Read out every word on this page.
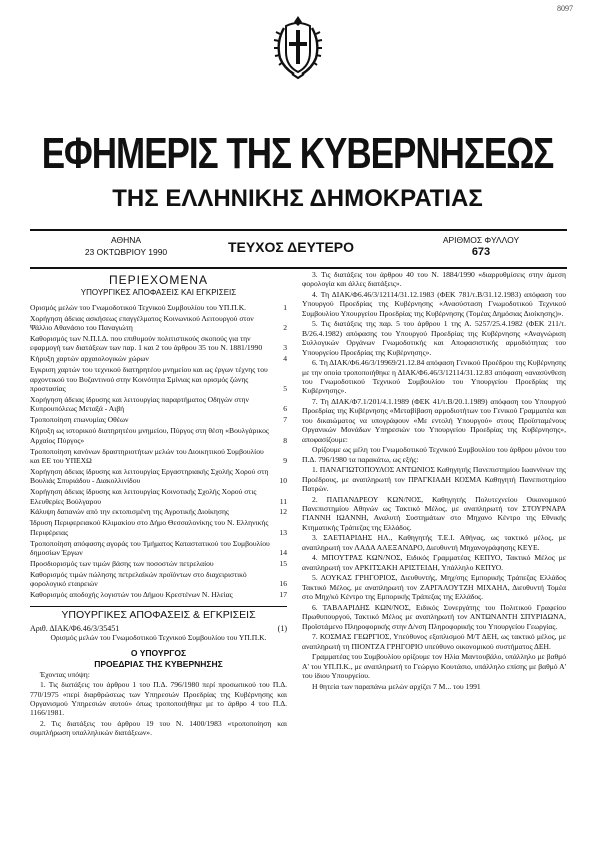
8097
ΕΦΗΜΕΡΙΣ ΤΗΣ ΚΥΒΕΡΝΗΣΕΩΣ
ΤΗΣ ΕΛΛΗΝΙΚΗΣ ΔΗΜΟΚΡΑΤΙΑΣ
ΑΘΗΝΑ
23 ΟΚΤΩΒΡΙΟΥ 1990	ΤΕΥΧΟΣ ΔΕΥΤΕΡΟ	ΑΡΙΘΜΟΣ ΦΥΛΛΟΥ
673
ΠΕΡΙΕΧΟΜΕΝΑ
ΥΠΟΥΡΓΙΚΕΣ ΑΠΟΦΑΣΕΙΣ ΚΑΙ ΕΓΚΡΙΣΕΙΣ
Ορισμός μελών του Γνωμοδοτικού Τεχνικού Συμβουλίου του ΥΠ.Π.Κ.	1
Χορήγηση άδειας ασκήσεως επαγγέλματος Κοινωνικού Λειτουργού στον Ψάλλιο Αθανάσιο του Παναγιώτη	2
Καθορισμός των Ν.Π.Ι.Δ. που επιθυμούν πολιτιστικούς σκοπούς για την εφαρμογή των διατάξεων των παρ. 1 και 2 του άρθρου 35 του Ν. 1881/1990	3
Κήρυξη χαρτών αρχαιολογικών χώρων	4
Εγκριση χαρτών του τεχνικού διατηρητέου μνημείου και ως έργων τέχνης του αρχοντικού του Βυζαντινού στην Κοινότητα Σμίνιας και ορισμός ζώνης προστασίας	5
Χορήγηση άδειας ίδρυσης και λειτουργίας παραρτήματος Οδηγών στην Κυπρουπόλεως Μεταξά - Αιβή	6
Τροποποίηση επωνυμίας Οθέων	7
Κήρυξη ως ιστορικού διατηρητέου μνημείου, Πύργος στη θέση «Βουλγάρικος Αρχαίος Πύργος»	8
Τροποποίηση κανόνων δραστηριοτήτων μελών του Διοικητικού Συμβουλίου και ΕΕ του ΥΠΕΧΩ	9
Χορήγηση άδειας ίδρυσης και λειτουργίας Εργαστηριακής Σχολής Χορού στη Βουλιάς Σπυριάδου - Διακολλινίδου	10
Χορήγηση άδειας ίδρυσης και λειτουργίας Κοινοτικής Σχολής Χορού στις Ελευθερίες Βούλγαρου	11
Κάλυψη δαπανών από την εκτοπισμένη της Αγροτικής Διοίκησης	12
Ίδρυση Περιφερειακού Κλιμακίου στο Δήμο Θεσσαλονίκης του Ν. Ελληνικής Περιφέρειας	13
Τροποποίηση απόφασης αγοράς του Τμήματος Καταστατικού του Συμβουλίου δημοσίων Έργων	14
Προσδιορισμός των τιμών βάσης των ποσοστών πετρελαίου	15
Καθορισμός τιμών πώλησης πετρελαϊκών προϊόντων στο διαχειριστικό φορολογικό εταιρειών	16
Καθορισμός αποδοχής λογιστών του Δήμου Κρεστένων Ν. Ηλείας	17
ΥΠΟΥΡΓΙΚΕΣ ΑΠΟΦΑΣΕΙΣ & ΕΓΚΡΙΣΕΙΣ
Αριθ. ΔΙΑΚ/Φ6.46/3/35451	(1)
Ορισμός μελών του Γνωμοδοτικού Τεχνικού Συμβουλίου του ΥΠ.Π.Κ.
Ο ΥΠΟΥΡΓΟΣ
ΠΡΟΕΔΡΙΑΣ ΤΗΣ ΚΥΒΕΡΝΗΣΗΣ
Έχοντας υπόψη:
1. Τις διατάξεις του άρθρου 1 του Π.Δ. 796/1980 περί προσωπικού του Π.Δ. 770/1975 «περί διαρθρώσεως των Υπηρεσιών Προεδρίας της Κυβέρνησης και Οργανισμού Υπηρεσιών αυτού» όπως τροποποιήθηκε με το άρθρο 4 του Π.Δ. 1166/1981.
2. Τις διατάξεις του άρθρου 19 του Ν. 1400/1983 «τροποποίηση και συμπλήρωση υπαλληλικών διατάξεων».
3. Τις διατάξεις του άρθρου 40 του Ν. 1884/1990 «διαρρυθμίσεις στην άμεση φορολογία και άλλες διατάξεις».
4. Τη ΔΙΑΚ/Φ6.46/3/12114/31.12.1983 (ΦΕΚ 781/τ.Β/31.12.1983) απόφαση του Υπουργού Προεδρίας της Κυβέρνησης «Ανασύσταση Γνωμοδοτικού Τεχνικού Συμβουλίου Υπουργείου Προεδρίας της Κυβέρνησης (Τομέας Δημόσιας Διοίκησης)».
5. Τις διατάξεις της παρ. 5 του άρθρου 1 της Α. 5257/25.4.1982 (ΦΕΚ 211/τ. Β/26.4.1982) απόφασης του Υπουργού Προεδρίας της Κυβέρνησης «Αναγνώριση Συλλογικών Οργάνων Γνωμοδοτικής και Αποφασιστικής αρμοδιότητας του Υπουργείου Προεδρίας της Κυβέρνησης».
6. Τη ΔΙΑΚ/Φ6.46/3/19969/21.12.84 απόφαση Γενικού Προέδρου της Κυβέρνησης με την οποία τροποποιήθηκε η ΔΙΑΚ/Φ6.46/3/12114/31.12.83 απόφαση «ανασύνθεση του Γνωμοδοτικού Τεχνικού Συμβουλίου του Υπουργείου Προεδρίας της Κυβέρνησης».
7. Τη ΔΙΑΚ/Φ7.1/201/4.1.1989 (ΦΕΚ 41/τ.Β/20.1.1989) απόφαση του Υπουργού Προεδρίας της Κυβέρνησης «Μεταβίβαση αρμοδιοτήτων του Γενικού Γραμματέα και του δικαιώματος να υπογράφουν «Με εντολή Υπουργού» στους Προϊσταμένους Οργανικών Μονάδων Υπηρεσιών του Υπουργείου Προεδρίας της Κυβέρνησης», αποφασίζουμε:
Ορίζουμε ως μέλη του Γνωμοδοτικού Τεχνικού Συμβουλίου του άρθρου μόνου του Π.Δ. 796/1980 τα παρακάτω, ως εξής:
1. ΠΑΝΑΓΙΩΤΟΠΟΥΛΟΣ ΑΝΤΩΝΙΟΣ Καθηγητής Πανεπιστημίου Ιωαννίνων της Προέδρους, με αναπληρωτή τον ΠΡΑΓΚΙΑΔΗ ΚΟΣΜΑ Καθηγητή Πανεπιστημίου Πατρών.
2. ΠΑΠΑΝΔΡΕΟΥ ΚΩΝ/ΝΟΣ, Καθηγητής Πολυτεχνείου Οικονομικού Πανεπιστημίου Αθηνών ως Τακτικό Μέλος, με αναπληρωτή τον ΣΤΟΥΡΝΑΡΑ ΓΙΑΝΝΗ ΙΩΑΝΝΗ, Αναλυτή Συστημάτων στο Μηχανο Κέντρο της Εθνικής Κτηματικής Τράπεζας της Ελλάδος.
3. ΣΑΕΤΙΑΡΙΔΗΣ ΗΛ., Καθηγητής Τ.Ε.Ι. Αθήνας, ως τακτικό μέλος, με αναπληρωτή τον ΛΑΔΑ ΑΛΕΞΑΝΔΡΟ, Διευθυντή Μηχανογράφησης ΚΕΥΕ.
4. ΜΠΟΥΤΡΑΣ ΚΩΝ/ΝΟΣ, Ειδικός Γραμματέας ΚΕΠΥΟ, Τακτικό Μέλος με αναπληρωτή τον ΑΡΚΙΤΣΑΚΗ ΑΡΙΣΤΕΙΔΗ, Υπάλληλο ΚΕΠΥΟ.
5. ΛΟΥΚΑΣ ΓΡΗΓΟΡΙΟΣ, Διευθυντής, Μηχ/σης Εμπορικής Τράπεζας Ελλάδος Τακτικό Μέλος, με αναπληρωτή τον ΖΑΡΓΑΛΟΥΤΖΗ ΜΙΧΑΗΛ, Διευθυντή Τομέα στο Μηχ/κό Κέντρο της Εμπορικής Τράπεζας της Ελλάδος.
6. ΤΑΒΛΑΡΙΔΗΣ ΚΩΝ/ΝΟΣ, Ειδικός Συνεργάτης του Πολιτικού Γραφείου Πρωθυπουργού, Τακτικό Μέλος με αναπληρωτή τον ΑΝΤΩΝΑΝΤΗ ΣΠΥΡΙΔΩΝΑ, Προϊστάμενο Πληροφορικής στην Δ/νση Πληροφορικής του Υπουργείου Γεωργίας.
7. ΚΟΣΜΑΣ ΓΕΩΡΓΙΟΣ, Υπεύθυνος εξοπλισμού Μ/Τ ΔΕΗ, ως τακτικό μέλος, με αναπληρωτή τη ΠΙΟΝΤΖΑ ΓΡΗΓΟΡΙΟ υπεύθυνο οικονομικού συστήματος ΔΕΗ.
Γραμματέας του Συμβουλίου ορίζουμε τον Ηλία Μαντουβάλο, υπάλληλο με βαθμό Α' του ΥΠ.Π.Κ., με αναπληρωτή το Γεώργιο Κουτάσιο, υπάλληλο επίσης με βαθμό Α' του ίδιου Υπουργείου.
Η θητεία των παραπάνω μελών αρχίζει 7 Μ... του 1991
